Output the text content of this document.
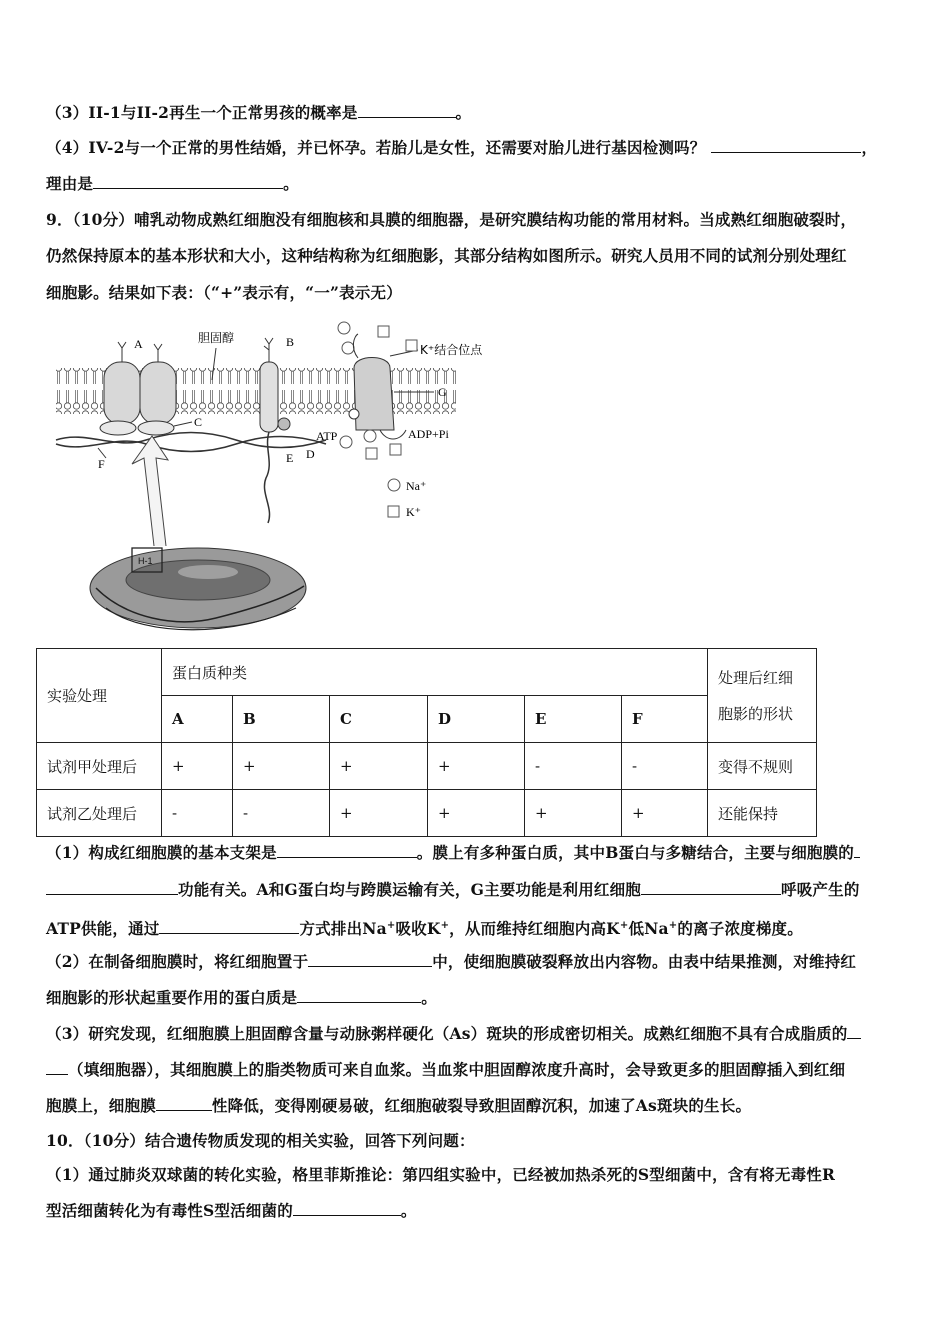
（3）II-1与II-2再生一个正常男孩的概率是	。
（4）IV-2与一个正常的男性结婚，并已怀孕。若胎儿是女性，还需要对胎儿进行基因检测吗？	，
理由是	。
9．（10分）哺乳动物成熟红细胞没有细胞核和具膜的细胞器，是研究膜结构功能的常用材料。当成熟红细胞破裂时，
仍然保持原本的基本形状和大小，这种结构称为红细胞影，其部分结构如图所示。研究人员用不同的试剂分别处理红
细胞影。结果如下表：（“+”表示有，“一”表示无）
A
C
胆固醇	B
E D
F
G
K⁺结合位点
ATP	ADP+Pi
Na⁺
K⁺
H-1
实验处理	蛋白质种类						处理后红细
胞影的形状
	A	B	C	D	E	F	
试剂甲处理后	+	+	+	+	-	-	变得不规则
试剂乙处理后	-	-	+	+	+	+	还能保持
（1）构成红细胞膜的基本支架是	。膜上有多种蛋白质，其中B蛋白与多糖结合，主要与细胞膜的
功能有关。A和G蛋白均与跨膜运输有关，G主要功能是利用红细胞	呼吸产生的
ATP供能，通过	方式排出Na+吸收K+，从而维持红细胞内高K+低Na+的离子浓度梯度。
（2）在制备细胞膜时，将红细胞置于	中，使细胞膜破裂释放出内容物。由表中结果推测，对维持红
细胞影的形状起重要作用的蛋白质是	。
（3）研究发现，红细胞膜上胆固醇含量与动脉粥样硬化（As）斑块的形成密切相关。成熟红细胞不具有合成脂质的
（填细胞器），其细胞膜上的脂类物质可来自血浆。当血浆中胆固醇浓度升高时，会导致更多的胆固醇插入到红细
胞膜上，细胞膜	性降低，变得刚硬易破，红细胞破裂导致胆固醇沉积，加速了As斑块的生长。
10．（10分）结合遗传物质发现的相关实验，回答下列问题：
（1）通过肺炎双球菌的转化实验，格里菲斯推论：第四组实验中，已经被加热杀死的S型细菌中，含有将无毒性R
型活细菌转化为有毒性S型活细菌的	。
